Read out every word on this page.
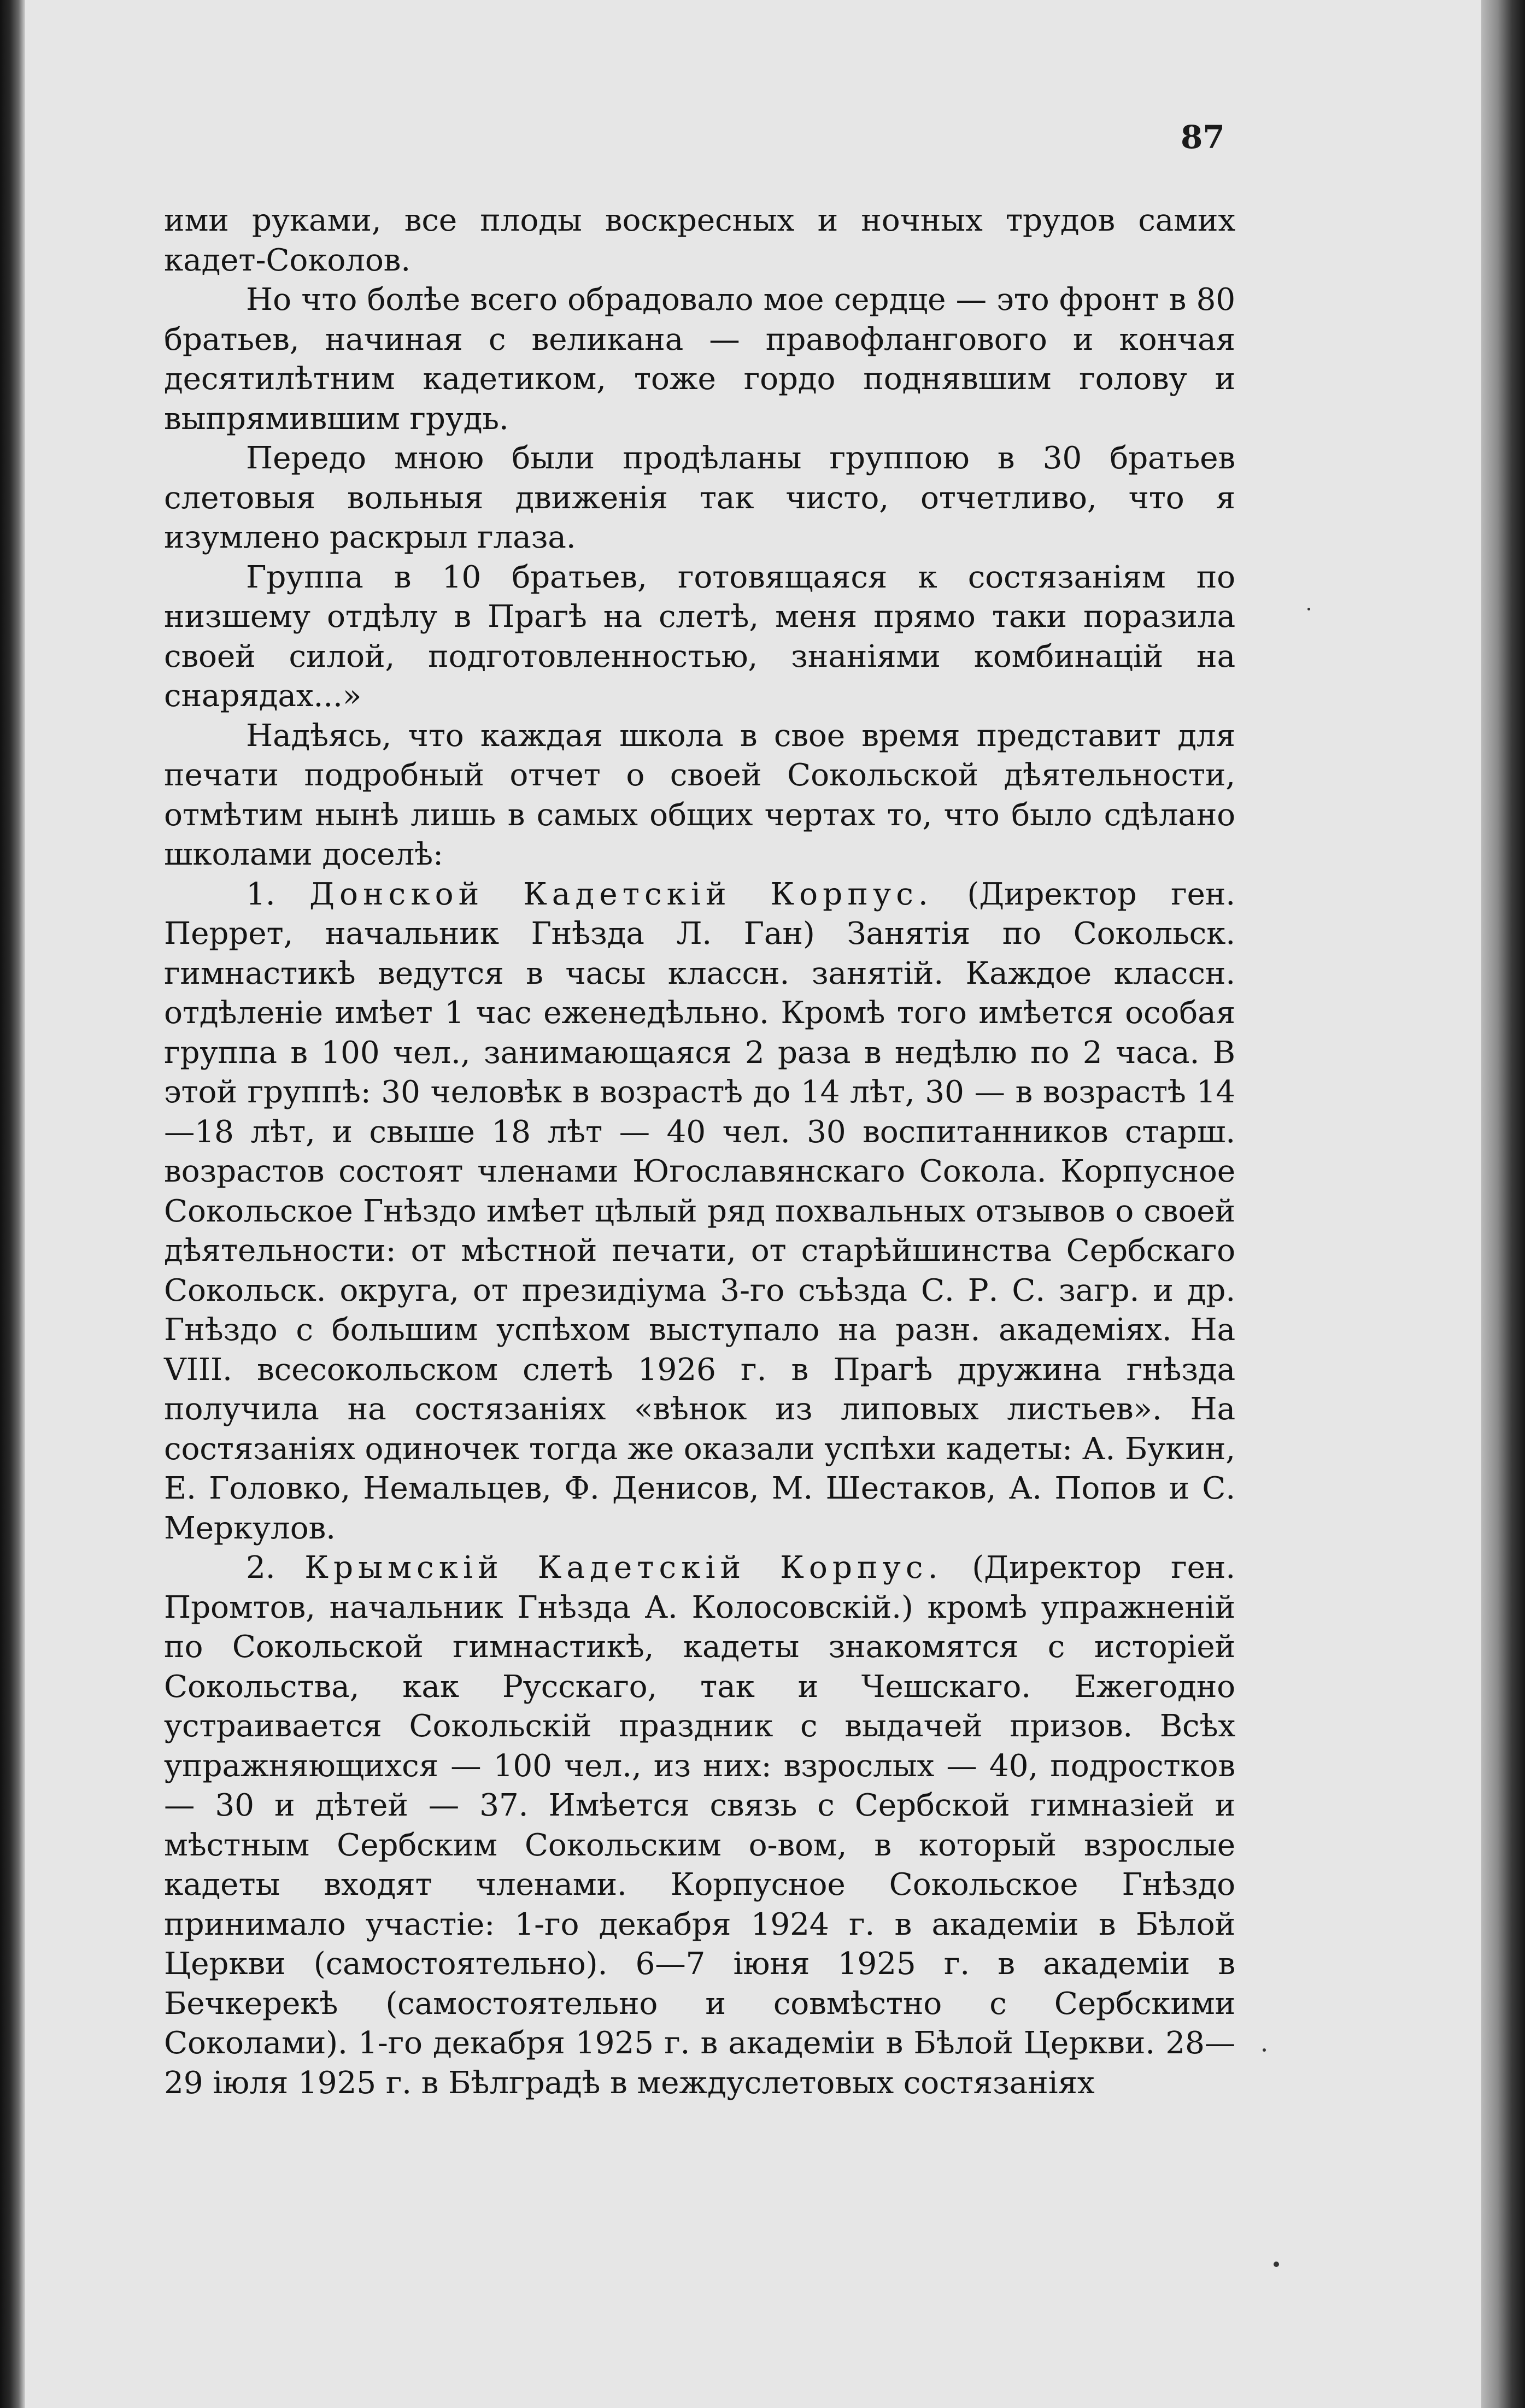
87

ими руками, все плоды воскресных и ночных трудов самих кадет-Соколов.

Но что болѣе всего обрадовало мое сердце — это фронт в 80 братьев, начиная с великана — правофлангового и кончая десятилѣтним кадетиком, тоже гордо поднявшим голову и выпрямившим грудь.

Передо мною были продѣланы группою в 30 братьев слетовыя вольныя движенія так чисто, отчетливо, что я изумлено раскрыл глаза.

Группа в 10 братьев, готовящаяся к состязаніям по низшему отдѣлу в Прагѣ на слетѣ, меня прямо таки поразила своей силой, подготовленностью, знаніями комбинацій на снарядах...»

Надѣясь, что каждая школа в свое время представит для печати подробный отчет о своей Сокольской дѣятельности, отмѣтим нынѣ лишь в самых общих чертах то, что было сдѣлано школами доселѣ:

1. Донской Кадетскій Корпус. (Директор ген. Перрет, начальник Гнѣзда Л. Ган) Занятія по Сокольск. гимнастикѣ ведутся в часы классн. занятій. Каждое классн. отдѣленіе имѣет 1 час еженедѣльно. Кромѣ того имѣется особая группа в 100 чел., занимающаяся 2 раза в недѣлю по 2 часа. В этой группѣ: 30 человѣк в возрастѣ до 14 лѣт, 30 — в возрастѣ 14—18 лѣт, и свыше 18 лѣт — 40 чел. 30 воспитанников старш. возрастов состоят членами Югославянскаго Сокола. Корпусное Сокольское Гнѣздо имѣет цѣлый ряд похвальных отзывов о своей дѣятельности: от мѣстной печати, от старѣйшинства Сербскаго Сокольск. округа, от президіума 3-го съѣзда С. Р. С. загр. и др. Гнѣздо с большим успѣхом выступало на разн. академіях. На VIII. всесокольском слетѣ 1926 г. в Прагѣ дружина гнѣзда получила на состязаніях «вѣнок из липовых листьев». На состязаніях одиночек тогда же оказали успѣхи кадеты: А. Букин, Е. Головко, Немальцев, Ф. Денисов, М. Шестаков, А. Попов и С. Меркулов.

2. Крымскій Кадетскій Корпус. (Директор ген. Промтов, начальник Гнѣзда А. Колосовскій.) кромѣ упражненій по Сокольской гимнастикѣ, кадеты знакомятся с исторіей Сокольства, как Русскаго, так и Чешскаго. Ежегодно устраивается Сокольскій праздник с выдачей призов. Всѣх упражняющихся — 100 чел., из них: взрослых — 40, подростков — 30 и дѣтей — 37. Имѣется связь с Сербской гимназіей и мѣстным Сербским Сокольским о-вом, в который взрослые кадеты входят членами. Корпусное Сокольское Гнѣздо принимало участіе: 1-го декабря 1924 г. в академіи в Бѣлой Церкви (самостоятельно). 6—7 іюня 1925 г. в академіи в Бечкерекѣ (самостоятельно и совмѣстно с Сербскими Соколами). 1-го декабря 1925 г. в академіи в Бѣлой Церкви. 28—29 іюля 1925 г. в Бѣлградѣ в междуслетовых состязаніях
